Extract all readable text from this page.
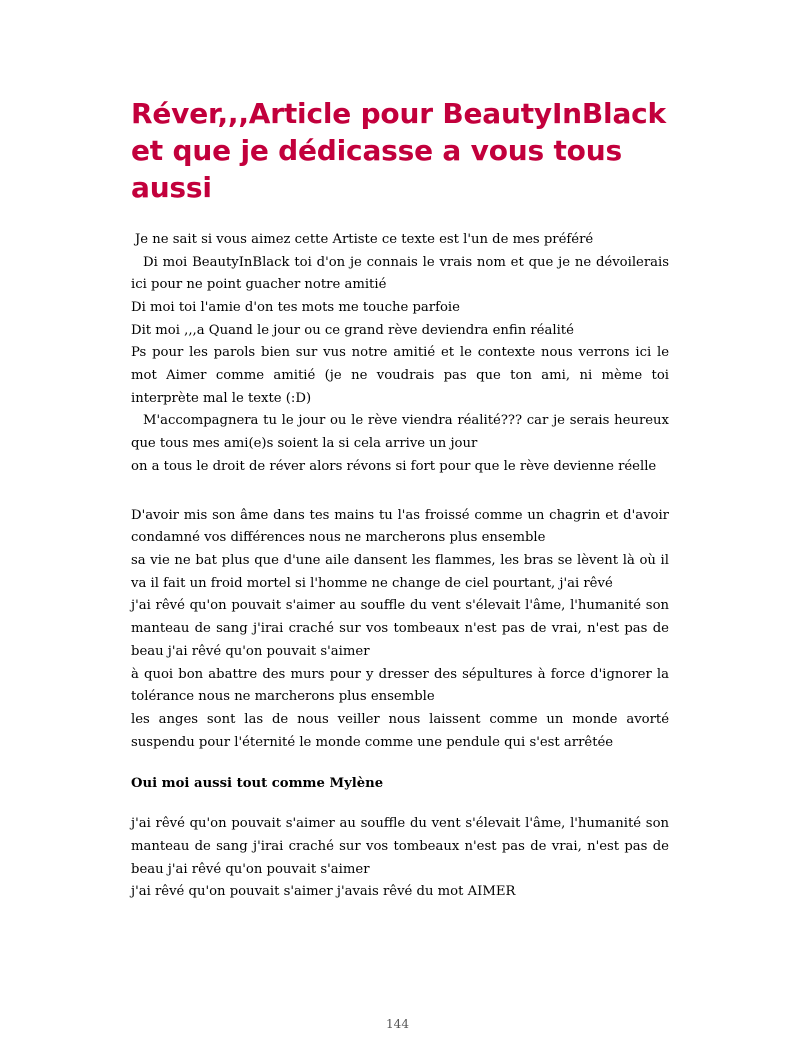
Réver,,,Article pour BeautyInBlack et que je dédicasse a vous tous aussi

Je ne sait si vous aimez cette Artiste ce texte est l'un de mes préféré

Di moi BeautyInBlack toi d'on je connais le vrais nom et que je ne dévoilerais ici pour ne point guacher notre amitié

Di moi toi l'amie d'on tes mots me touche parfoie

Dit moi ,,,a Quand le jour ou ce grand rève deviendra enfin réalité

Ps pour les parols bien sur vus notre amitié et le contexte nous verrons ici le mot Aimer comme amitié (je ne voudrais pas que ton ami, ni mème toi interprète mal le texte (:D)

M'accompagnera tu le jour ou le rève viendra réalité??? car je serais heureux que tous mes ami(e)s soient la si cela arrive un jour

on a tous le droit de réver alors révons si fort pour que le rève devienne réelle

D'avoir mis son âme dans tes mains tu l'as froissé comme un chagrin et d'avoir condamné vos différences nous ne marcherons plus ensemble

sa vie ne bat plus que d'une aile dansent les flammes, les bras se lèvent là où il va il fait un froid mortel si l'homme ne change de ciel pourtant, j'ai rêvé

j'ai rêvé qu'on pouvait s'aimer au souffle du vent s'élevait l'âme, l'humanité son manteau de sang j'irai craché sur vos tombeaux n'est pas de vrai, n'est pas de beau j'ai rêvé qu'on pouvait s'aimer

à quoi bon abattre des murs pour y dresser des sépultures à force d'ignorer la tolérance nous ne marcherons plus ensemble

les anges sont las de nous veiller nous laissent comme un monde avorté suspendu pour l'éternité le monde comme une pendule qui s'est arrêtée

Oui moi aussi tout comme Mylène

j'ai rêvé qu'on pouvait s'aimer au souffle du vent s'élevait l'âme, l'humanité son manteau de sang j'irai craché sur vos tombeaux n'est pas de vrai, n'est pas de beau j'ai rêvé qu'on pouvait s'aimer

j'ai rêvé qu'on pouvait s'aimer j'avais rêvé du mot AIMER

144
